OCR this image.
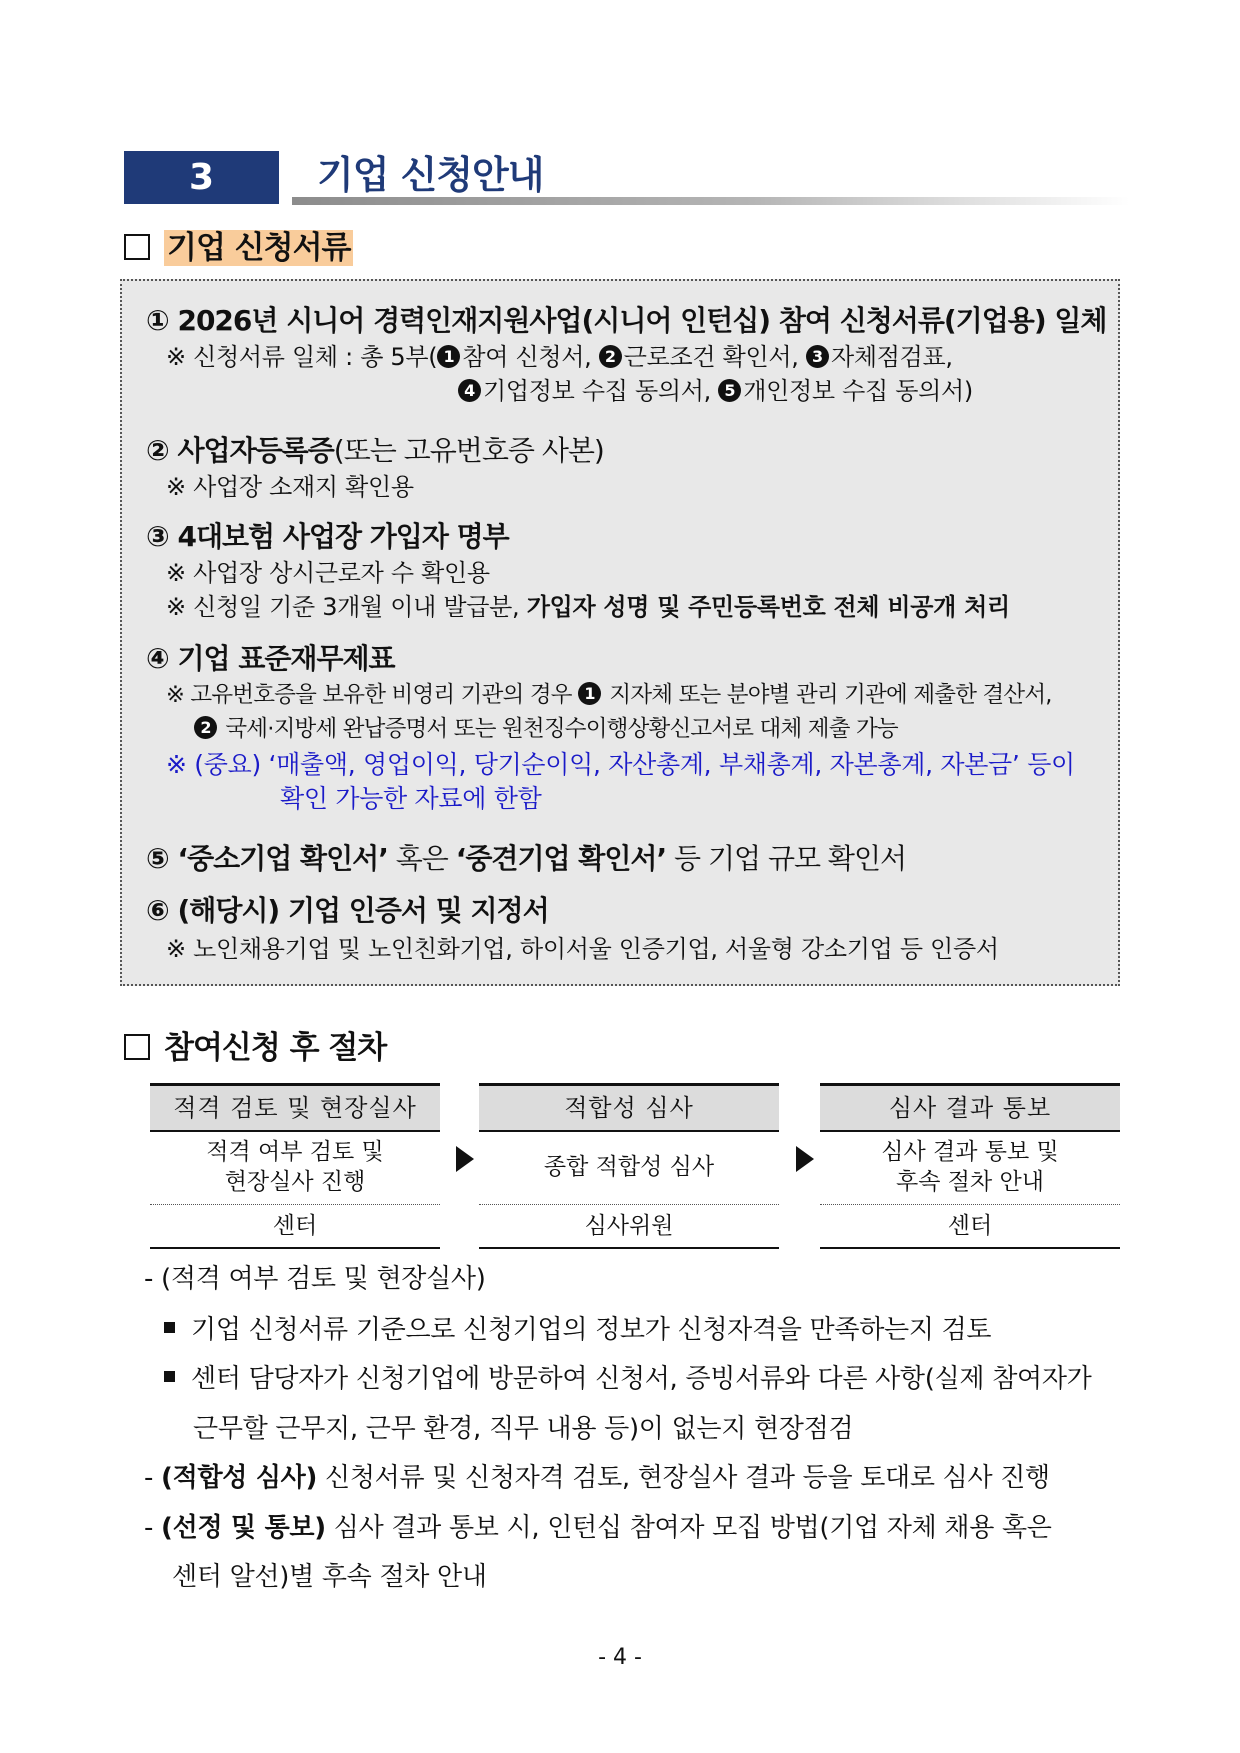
3	기업 신청안내
기업 신청서류
① 2026년 시니어 경력인재지원사업(시니어 인턴십) 참여 신청서류(기업용) 일체
※ 신청서류 일체 : 총 5부( 1 참여 신청서, 2 근로조건 확인서, 3 자체점검표,
4 기업정보 수집 동의서, 5 개인정보 수집 동의서)
② 사업자등록증(또는 고유번호증 사본)
※ 사업장 소재지 확인용
③ 4대보험 사업장 가입자 명부
※ 사업장 상시근로자 수 확인용
※ 신청일 기준 3개월 이내 발급분, 가입자 성명 및 주민등록번호 전체 비공개 처리
④ 기업 표준재무제표
※ 고유번호증을 보유한 비영리 기관의 경우 1 지자체 또는 분야별 관리 기관에 제출한 결산서,
2 국세·지방세 완납증명서 또는 원천징수이행상황신고서로 대체 제출 가능
※ (중요) ‘매출액, 영업이익, 당기순이익, 자산총계, 부채총계, 자본총계, 자본금’ 등이
확인 가능한 자료에 한함
⑤ ‘중소기업 확인서’ 혹은 ‘중견기업 확인서’ 등 기업 규모 확인서
⑥ (해당시) 기업 인증서 및 지정서
※ 노인채용기업 및 노인친화기업, 하이서울 인증기업, 서울형 강소기업 등 인증서
참여신청 후 절차
적격 검토 및 현장실사
적격 여부 검토 및
현장실사 진행
센터
적합성 심사
종합 적합성 심사
심사위원
심사 결과 통보
심사 결과 통보 및
후속 절차 안내
센터
- (적격 여부 검토 및 현장실사)
기업 신청서류 기준으로 신청기업의 정보가 신청자격을 만족하는지 검토
센터 담당자가 신청기업에 방문하여 신청서, 증빙서류와 다른 사항(실제 참여자가
근무할 근무지, 근무 환경, 직무 내용 등)이 없는지 현장점검
- (적합성 심사) 신청서류 및 신청자격 검토, 현장실사 결과 등을 토대로 심사 진행
- (선정 및 통보) 심사 결과 통보 시, 인턴십 참여자 모집 방법(기업 자체 채용 혹은
센터 알선)별 후속 절차 안내
- 4 -
